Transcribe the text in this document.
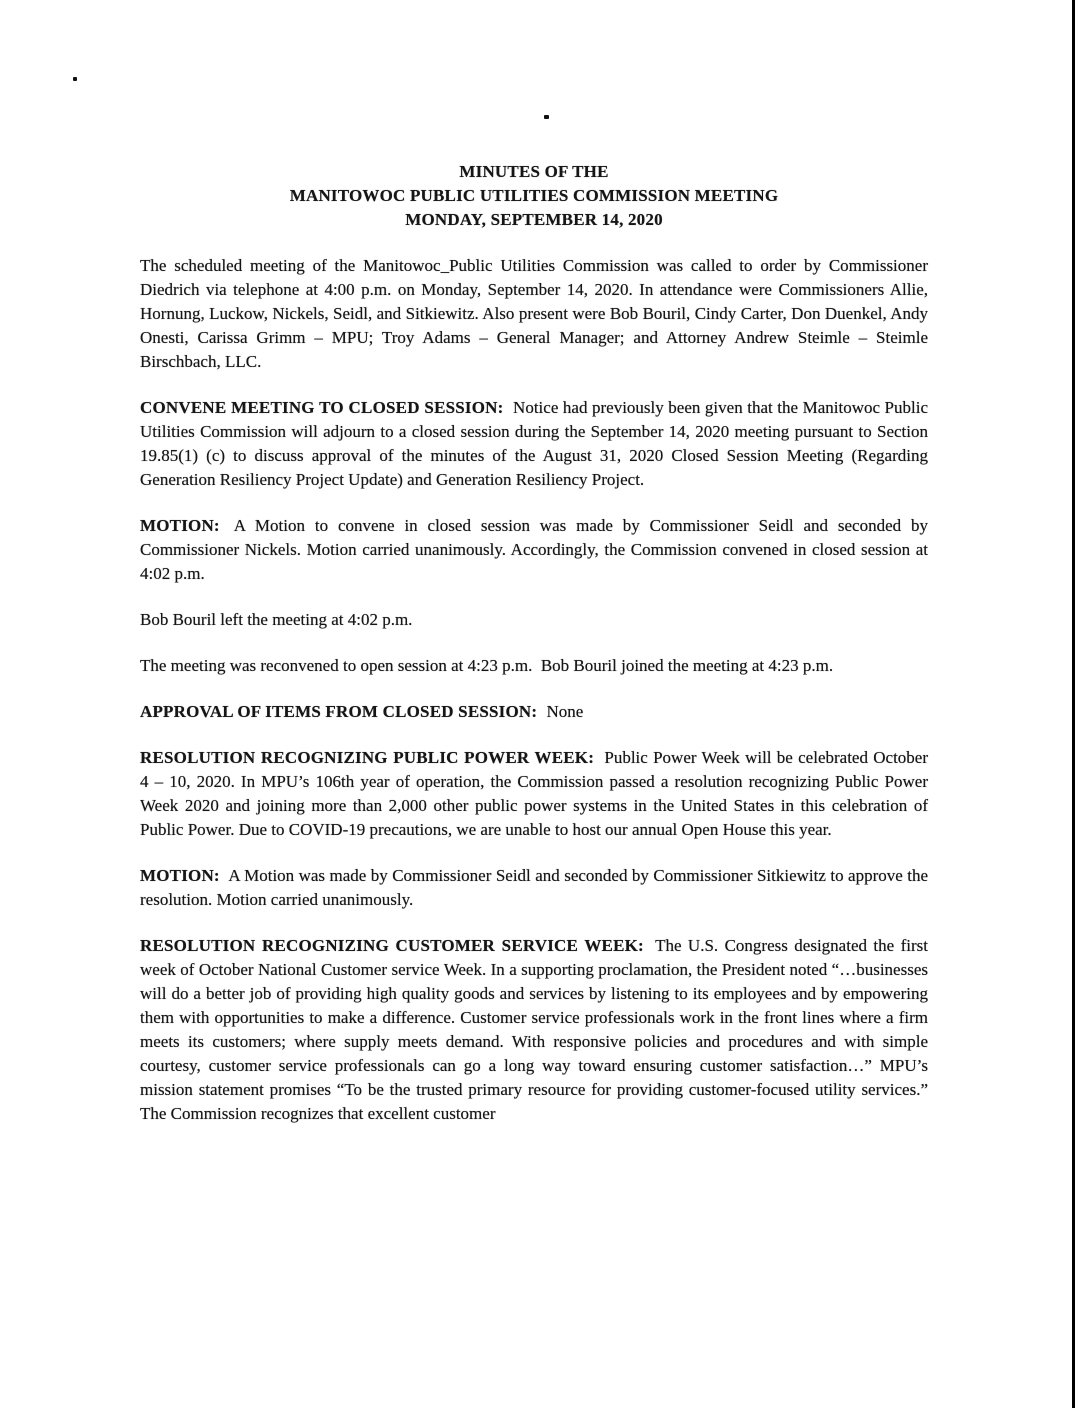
MINUTES OF THE
MANITOWOC PUBLIC UTILITIES COMMISSION MEETING
MONDAY, SEPTEMBER 14, 2020

The scheduled meeting of the Manitowoc_Public Utilities Commission was called to order by Commissioner Diedrich via telephone at 4:00 p.m. on Monday, September 14, 2020. In attendance were Commissioners Allie, Hornung, Luckow, Nickels, Seidl, and Sitkiewitz. Also present were Bob Bouril, Cindy Carter, Don Duenkel, Andy Onesti, Carissa Grimm – MPU; Troy Adams – General Manager; and Attorney Andrew Steimle – Steimle Birschbach, LLC.

CONVENE MEETING TO CLOSED SESSION: Notice had previously been given that the Manitowoc Public Utilities Commission will adjourn to a closed session during the September 14, 2020 meeting pursuant to Section 19.85(1) (c) to discuss approval of the minutes of the August 31, 2020 Closed Session Meeting (Regarding Generation Resiliency Project Update) and Generation Resiliency Project.

MOTION: A Motion to convene in closed session was made by Commissioner Seidl and seconded by Commissioner Nickels. Motion carried unanimously. Accordingly, the Commission convened in closed session at 4:02 p.m.

Bob Bouril left the meeting at 4:02 p.m.

The meeting was reconvened to open session at 4:23 p.m.  Bob Bouril joined the meeting at 4:23 p.m.

APPROVAL OF ITEMS FROM CLOSED SESSION: None

RESOLUTION RECOGNIZING PUBLIC POWER WEEK: Public Power Week will be celebrated October 4 – 10, 2020. In MPU’s 106th year of operation, the Commission passed a resolution recognizing Public Power Week 2020 and joining more than 2,000 other public power systems in the United States in this celebration of Public Power. Due to COVID-19 precautions, we are unable to host our annual Open House this year.

MOTION: A Motion was made by Commissioner Seidl and seconded by Commissioner Sitkiewitz to approve the resolution. Motion carried unanimously.

RESOLUTION RECOGNIZING CUSTOMER SERVICE WEEK: The U.S. Congress designated the first week of October National Customer service Week. In a supporting proclamation, the President noted “…businesses will do a better job of providing high quality goods and services by listening to its employees and by empowering them with opportunities to make a difference. Customer service professionals work in the front lines where a firm meets its customers; where supply meets demand. With responsive policies and procedures and with simple courtesy, customer service professionals can go a long way toward ensuring customer satisfaction…” MPU’s mission statement promises “To be the trusted primary resource for providing customer-focused utility services.” The Commission recognizes that excellent customer
